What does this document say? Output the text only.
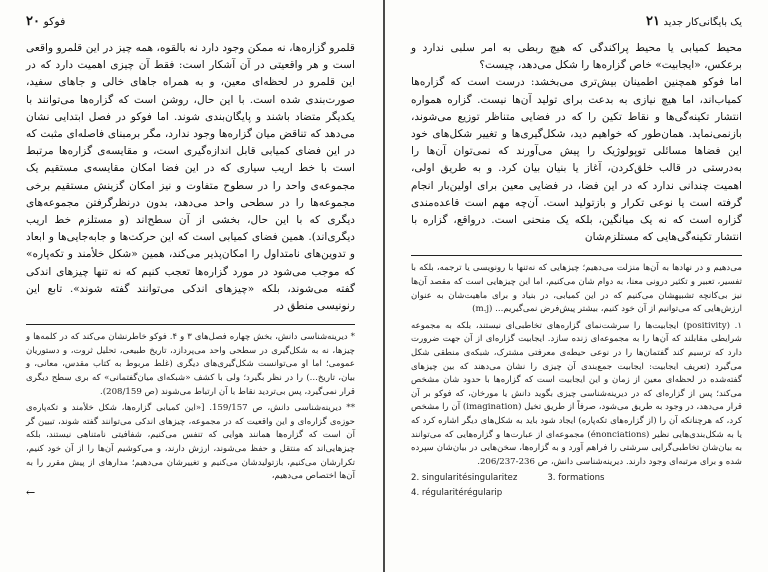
۲۰ فوکو

قلمرو گزاره‌ها، نه ممکن وجود دارد نه بالقوه، همه چیز در این قلمرو واقعی است و هر واقعیتی در آن آشکار است: فقط آن چیزی اهمیت دارد که در این قلمرو در لحظه‌ای معین، و به همراه جاهای خالی و جاهای سفید، صورت‌بندی شده است. با این حال، روشن است که گزاره‌ها می‌توانند با یکدیگر متضاد باشند و پایگان‌بندی شوند. اما فوکو در فصل ابتدایی نشان می‌دهد که تناقض میان گزاره‌ها وجود ندارد، مگر برمبنای فاصله‌ای مثبت که در این فضای کمیابی قابل اندازه‌گیری است، و مقایسه‌ی گزاره‌ها مرتبط است با خط اریب سیاری که در این فضا امکان مقایسه‌ی مستقیم یک مجموعه‌ی واحد را در سطوح متفاوت و نیز امکان گزینش مستقیم برخی مجموعه‌ها را در سطحی واحد می‌دهد، بدون درنظرگرفتن مجموعه‌های دیگری که با این حال، بخشی از آن سطح‌اند (و مستلزم خط اریب دیگری‌اند). همین فضای کمیابی است که این حرکت‌ها و جابه‌جایی‌ها و ابعاد و تدوین‌های نامتداول را امکان‌پذیر می‌کند، همین «شکل خلأمند و تکه‌پاره» که موجب می‌شود در مورد گزاره‌ها تعجب کنیم که نه تنها چیزهای اندکی گفته می‌شوند، بلکه «چیزهای اندکی می‌توانند گفته شوند». تابع این رنونیسی منطق در

* دیرینه‌شناسی دانش، بخش چهاره فصل‌های ۳ و ۴. فوکو خاطرنشان می‌کند که در کلمه‌ها و چیزها، نه به شکل‌گیری در سطحی واحد می‌پردازد، تاریخ طبیعی، تحلیل ثروت، و دستوریان عمومی؛ اما او می‌توانست شکل‌گیری‌های دیگری (غلط مربوط به کتاب مقدس، معانی، و بیان، تاریخ...) را در نظر بگیرد؛ ولی با کشف «شبکه‌ای میان‌گفتمانی» که بری سطح دیگری قرار نمی‌گیرد، پس بی‌تردید نقاط با آن ارتباط می‌شوند (ص 208/159).

** دیرینه‌شناسی دانش، ص 159/157. [«این کمیابی گزاره‌ها، شکل خلأمند و تکه‌پاره‌ی حوزه‌ی گزاره‌ای و این واقعیت که در مجموعه، چیزهای اندکی می‌توانند گفته شوند، تبیین گر آن است که گزاره‌ها همانند هوایی که تنفس می‌کنیم، شفافیتی نامتناهی نیستند، بلکه چیزهایی‌اند که منتقل و حفظ می‌شوند، ارزش دارند، و می‌کوشیم آن‌ها را از آن خود کنیم، تکرارشان می‌کنیم، بازتولیدشان می‌کنیم و تغییرشان می‌دهیم؛ مدارهای از پیش مقرر را به آن‌ها اختصاص می‌دهیم،

←
یک بایگانی‌کار جدید ۲۱

محیط کمیابی یا محیط پراکندگی که هیچ ربطی به امر سلبی ندارد و برعکس، «ایجابیت» خاص گزاره‌ها را شکل می‌دهد، چیست؟

اما فوکو همچنین اطمینان بیش‌تری می‌بخشد: درست است که گزاره‌ها کمیاب‌اند، اما هیچ نیازی به بدعت برای تولید آن‌ها نیست. گزاره همواره انتشار تکینه‌گی‌ها و نقاط تکین را که در فضایی متناظر توزیع می‌شوند، بازنمی‌نماید. همان‌طور که خواهیم دید، شکل‌گیری‌ها و تغییر شکل‌های خود این فضاها مسائلی توپولوژیک را پیش می‌آورند که نمی‌توان آن‌ها را به‌درستی در قالب خلق‌کردن، آغاز یا بنیان بیان کرد. و به طریق اولی، اهمیت چندانی ندارد که در این فضا، در فضایی معین برای اولین‌بار انجام گرفته است یا نوعی تکرار و بازتولید است. آن‌چه مهم است قاعده‌مندی گزاره است که نه یک میانگین، بلکه یک منحنی است. درواقع، گزاره با انتشار تکینه‌گی‌هایی که مستلزم‌شان

می‌دهیم و در نهادها به آن‌ها منزلت می‌دهیم؛ چیزهایی که نه‌تنها با رونویسی یا ترجمه، بلکه با تفسیر، تعبیر و تکثیر درونی معنا، به دوام شان می‌کنیم، اما این چیزهایی است که مقصد آن‌ها نیز بی‌کانچه تشبیهشان می‌کنیم که در این کمیابی، در بنیاد و برای ماهیت‌شان به عنوان ارزش‌هایی که می‌توانیم از آن خود کنیم، بیشتر پیش‌فرض نمی‌گیریم... (m.j)

۱. (positivity) ایجابیت‌ها را سرشت‌نمای گزاره‌های تخاطبی‌ای نیستند، بلکه به مجموعه شرایطی مقابلند که آن‌ها را به مجموعه‌ای زنده سازد. ایجابیت گزاره‌ای از آن جهت ضرورت دارد که ترسیم کند گفتمان‌ها را در نوعی حیطه‌ی معرفتی مشترک، شبکه‌ی منطقی شکل می‌گیرد (تعریف ایجابیت: ایجابیت جمع‌بندی آن چیزی را نشان می‌دهند که بین چیزهای گفته‌شده در لحظه‌ای معین از زمان و این ایجابیت است که گزاره‌ها با حدود شان مشخص می‌کند؛ پس از گزاره‌ای که در دیرینه‌شناسی چیزی بگوید دانش یا مورخان، که فوکو بر آن قرار می‌دهد، در وجود به طریق می‌شود، صرفاً از طریق تخیل (imagination) آن را مشخص کرد، که هرچنانکه آن را (از گزاره‌های تکه‌پاره) ایجاد شود باید به شکل‌های دیگر اشاره کرد که یا به شکل‌بندی‌هایی نظیر (énonciations) مجموعه‌ای از عبارت‌ها و گزاره‌هایی که می‌توانند به بیان‌شان تخاطبی‌گرایی سرشتی را فراهم آورد و به گزاره‌ها، سخن‌هایی در بیان‌شان سپرده شده و برای مرتبه‌ای وجود دارند. دیرینه‌شناسی دانش، ص 236-206/237.

2. singularitésingularitez	3. formations
4. régularitérégularip
